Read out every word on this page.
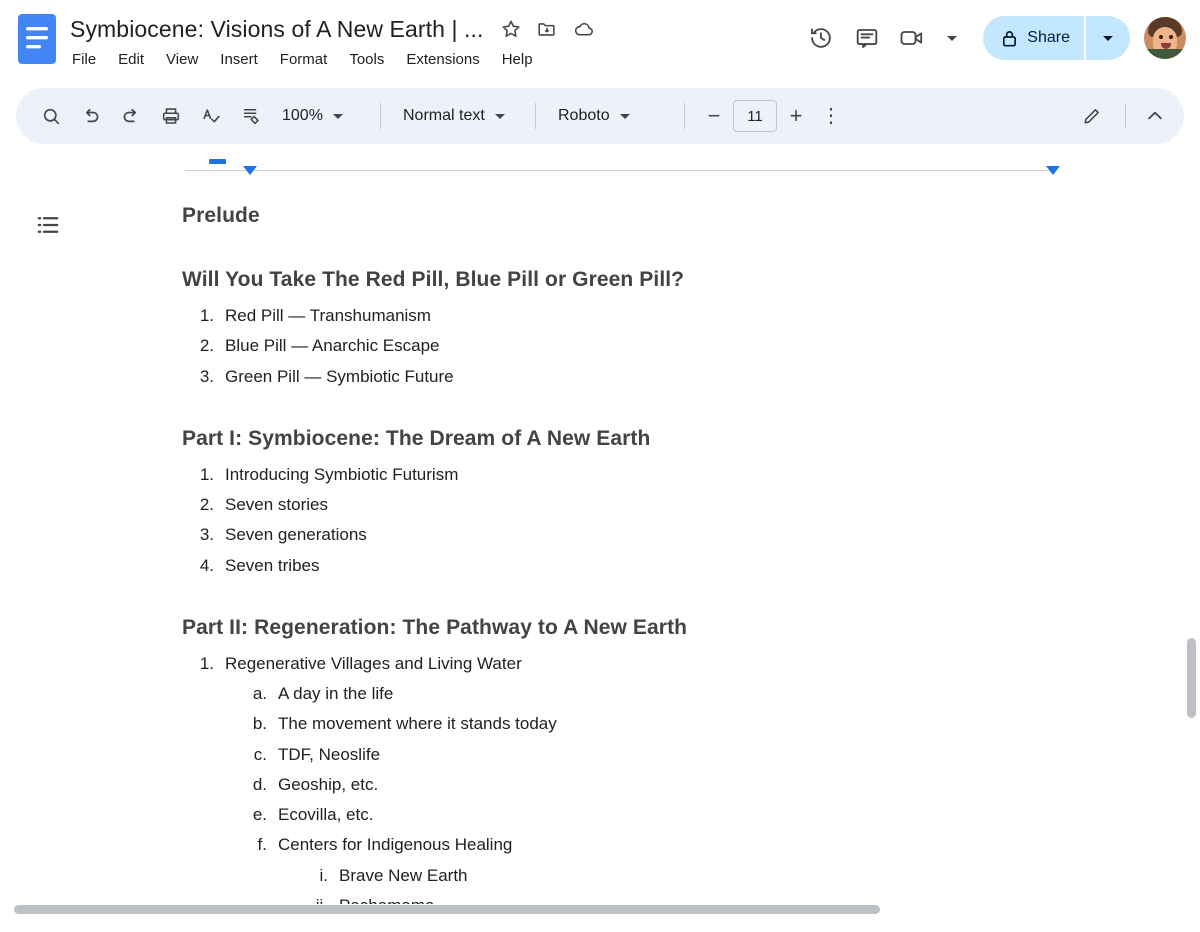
Symbiocene: Visions of A New Earth | ...
File Edit View Insert Format Tools Extensions Help
Share
100%	Normal text	Roboto	−	11	+ ⋮
Prelude
Will You Take The Red Pill, Blue Pill or Green Pill?
1. Red Pill — Transhumanism
2. Blue Pill — Anarchic Escape
3. Green Pill — Symbiotic Future
Part I: Symbiocene: The Dream of A New Earth
1. Introducing Symbiotic Futurism
2. Seven stories
3. Seven generations
4. Seven tribes
Part II: Regeneration: The Pathway to A New Earth
1. Regenerative Villages and Living Water
a. A day in the life
b. The movement where it stands today
c. TDF, Neoslife
d. Geoship, etc.
e. Ecovilla, etc.
f. Centers for Indigenous Healing
i. Brave New Earth
